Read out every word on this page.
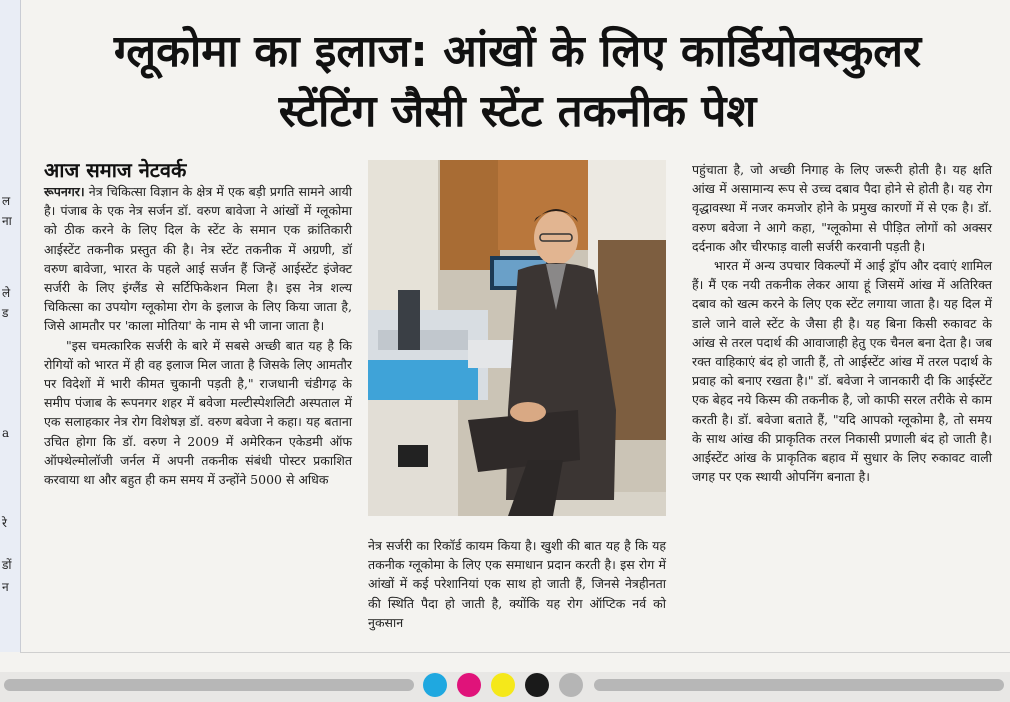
ल
ना
ले
ड
a
रे
डों
न
ग्लूकोमा का इलाज: आंखों के लिए कार्डियोवस्कुलर
स्टेंटिंग जैसी स्टेंट तकनीक पेश
आज समाज नेटवर्क

रूपनगर। नेत्र चिकित्सा विज्ञान के क्षेत्र में एक बड़ी प्रगति सामने आयी है। पंजाब के एक नेत्र सर्जन डॉ. वरुण बावेजा ने आंखों में ग्लूकोमा को ठीक करने के लिए दिल के स्टेंट के समान एक क्रांतिकारी आईस्टेंट तकनीक प्रस्तुत की है। नेत्र स्टेंट तकनीक में अग्रणी, डॉ वरुण बावेजा, भारत के पहले आई सर्जन हैं जिन्हें आईस्टेंट इंजेक्ट सर्जरी के लिए इंग्लैंड से सर्टिफिकेशन मिला है। इस नेत्र शल्य चिकित्सा का उपयोग ग्लूकोमा रोग के इलाज के लिए किया जाता है, जिसे आमतौर पर 'काला मोतिया' के नाम से भी जाना जाता है।

"इस चमत्कारिक सर्जरी के बारे में सबसे अच्छी बात यह है कि रोगियों को भारत में ही वह इलाज मिल जाता है जिसके लिए आमतौर पर विदेशों में भारी कीमत चुकानी पड़ती है," राजधानी चंडीगढ़ के समीप पंजाब के रूपनगर शहर में बवेजा मल्टीस्पेशलिटी अस्पताल में एक सलाहकार नेत्र रोग विशेषज्ञ डॉ. वरुण बवेजा ने कहा। यह बताना उचित होगा कि डॉ. वरुण ने 2009 में अमेरिकन एकेडमी ऑफ ऑफ्थेल्मोलॉजी जर्नल में अपनी तकनीक संबंधी पोस्टर प्रकाशित करवाया था और बहुत ही कम समय में उन्होंने 5000 से अधिक

नेत्र सर्जरी का रिकॉर्ड कायम किया है। खुशी की बात यह है कि यह तकनीक ग्लूकोमा के लिए एक समाधान प्रदान करती है। इस रोग में आंखों में कई परेशानियां एक साथ हो जाती हैं, जिनसे नेत्रहीनता की स्थिति पैदा हो जाती है, क्योंकि यह रोग ऑप्टिक नर्व को नुकसान

पहुंचाता है, जो अच्छी निगाह के लिए जरूरी होती है। यह क्षति आंख में असामान्य रूप से उच्च दबाव पैदा होने से होती है। यह रोग वृद्धावस्था में नजर कमजोर होने के प्रमुख कारणों में से एक है। डॉ. वरुण बवेजा ने आगे कहा, "ग्लूकोमा से पीड़ित लोगों को अक्सर दर्दनाक और चीरफाड़ वाली सर्जरी करवानी पड़ती है।

भारत में अन्य उपचार विकल्पों में आई ड्रॉप और दवाएं शामिल हैं। मैं एक नयी तकनीक लेकर आया हूं जिसमें आंख में अतिरिक्त दबाव को खत्म करने के लिए एक स्टेंट लगाया जाता है। यह दिल में डाले जाने वाले स्टेंट के जैसा ही है। यह बिना किसी रुकावट के आंख से तरल पदार्थ की आवाजाही हेतु एक चैनल बना देता है। जब रक्त वाहिकाएं बंद हो जाती हैं, तो आईस्टेंट आंख में तरल पदार्थ के प्रवाह को बनाए रखता है।" डॉ. बवेजा ने जानकारी दी कि आईस्टेंट एक बेहद नये किस्म की तकनीक है, जो काफी सरल तरीके से काम करती है। डॉ. बवेजा बताते हैं, "यदि आपको ग्लूकोमा है, तो समय के साथ आंख की प्राकृतिक तरल निकासी प्रणाली बंद हो जाती है। आईस्टेंट आंख के प्राकृतिक बहाव में सुधार के लिए रुकावट वाली जगह पर एक स्थायी ओपनिंग बनाता है।
